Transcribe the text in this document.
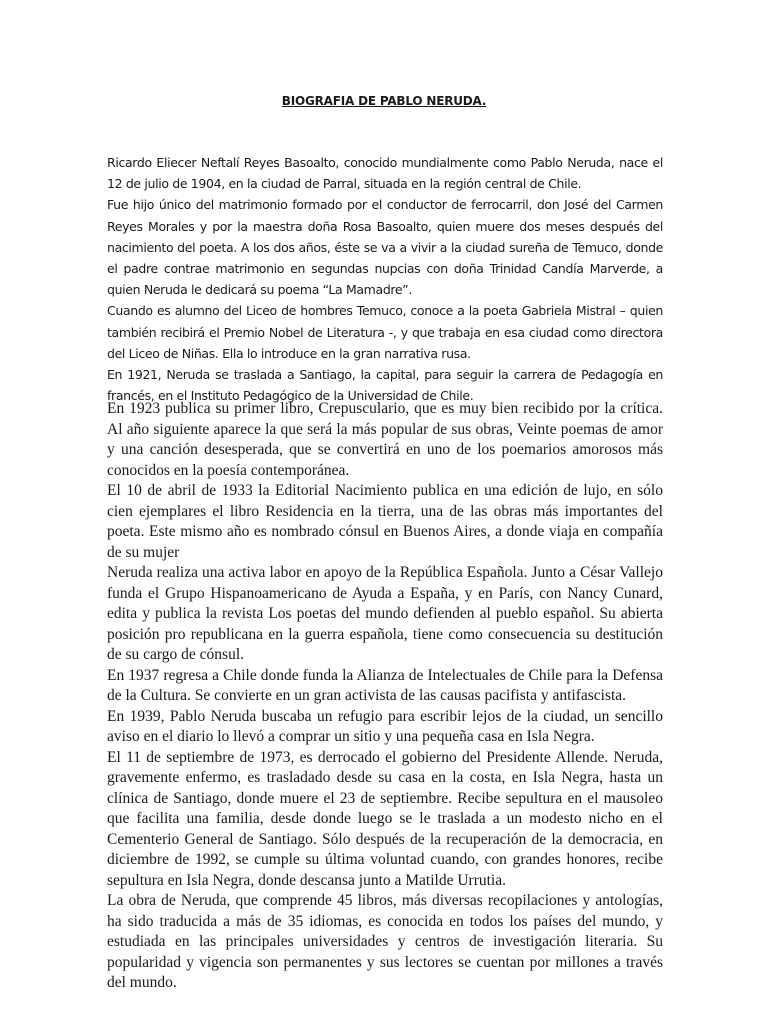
BIOGRAFIA DE PABLO NERUDA.

Ricardo Eliecer Neftalí Reyes Basoalto, conocido mundialmente como Pablo Neruda, nace el 12 de julio de 1904, en la ciudad de Parral, situada en la región central de Chile.

Fue hijo único del matrimonio formado por el conductor de ferrocarril, don José del Carmen Reyes Morales y por la maestra doña Rosa Basoalto, quien muere dos meses después del nacimiento del poeta. A los dos años, éste se va a vivir a la ciudad sureña de Temuco, donde el padre contrae matrimonio en segundas nupcias con doña Trinidad Candía Marverde, a quien Neruda le dedicará su poema “La Mamadre”.

Cuando es alumno del Liceo de hombres Temuco, conoce a la poeta Gabriela Mistral – quien también recibirá el Premio Nobel de Literatura -, y que trabaja en esa ciudad como directora del Liceo de Niñas. Ella lo introduce en la gran narrativa rusa.

En 1921, Neruda se traslada a Santiago, la capital, para seguir la carrera de Pedagogía en francés, en el Instituto Pedagógico de la Universidad de Chile.

En 1923 publica su primer libro, Crepusculario, que es muy bien recibido por la crítica. Al año siguiente aparece la que será la más popular de sus obras, Veinte poemas de amor y una canción desesperada, que se convertirá en uno de los poemarios amorosos más conocidos en la poesía contemporánea.

El 10 de abril de 1933 la Editorial Nacimiento publica en una edición de lujo, en sólo cien ejemplares el libro Residencia en la tierra, una de las obras más importantes del poeta. Este mismo año es nombrado cónsul en Buenos Aires, a donde viaja en compañía de su mujer

Neruda realiza una activa labor en apoyo de la República Española. Junto a César Vallejo funda el Grupo Hispanoamericano de Ayuda a España, y en París, con Nancy Cunard, edita y publica la revista Los poetas del mundo defienden al pueblo español. Su abierta posición pro republicana en la guerra española, tiene como consecuencia su destitución de su cargo de cónsul.

En 1937 regresa a Chile donde funda la Alianza de Intelectuales de Chile para la Defensa de la Cultura. Se convierte en un gran activista de las causas pacifista y antifascista.

En 1939, Pablo Neruda buscaba un refugio para escribir lejos de la ciudad, un sencillo aviso en el diario lo llevó a comprar un sitio y una pequeña casa en Isla Negra.

El 11 de septiembre de 1973, es derrocado el gobierno del Presidente Allende. Neruda, gravemente enfermo, es trasladado desde su casa en la costa, en Isla Negra, hasta un clínica de Santiago, donde muere el 23 de septiembre. Recibe sepultura en el mausoleo que facilita una familia, desde donde luego se le traslada a un modesto nicho en el Cementerio General de Santiago. Sólo después de la recuperación de la democracia, en diciembre de 1992, se cumple su última voluntad cuando, con grandes honores, recibe sepultura en Isla Negra, donde descansa junto a Matilde Urrutia.

La obra de Neruda, que comprende 45 libros, más diversas recopilaciones y antologías, ha sido traducida a más de 35 idiomas, es conocida en todos los países del mundo, y estudiada en las principales universidades y centros de investigación literaria. Su popularidad y vigencia son permanentes y sus lectores se cuentan por millones a través del mundo.
